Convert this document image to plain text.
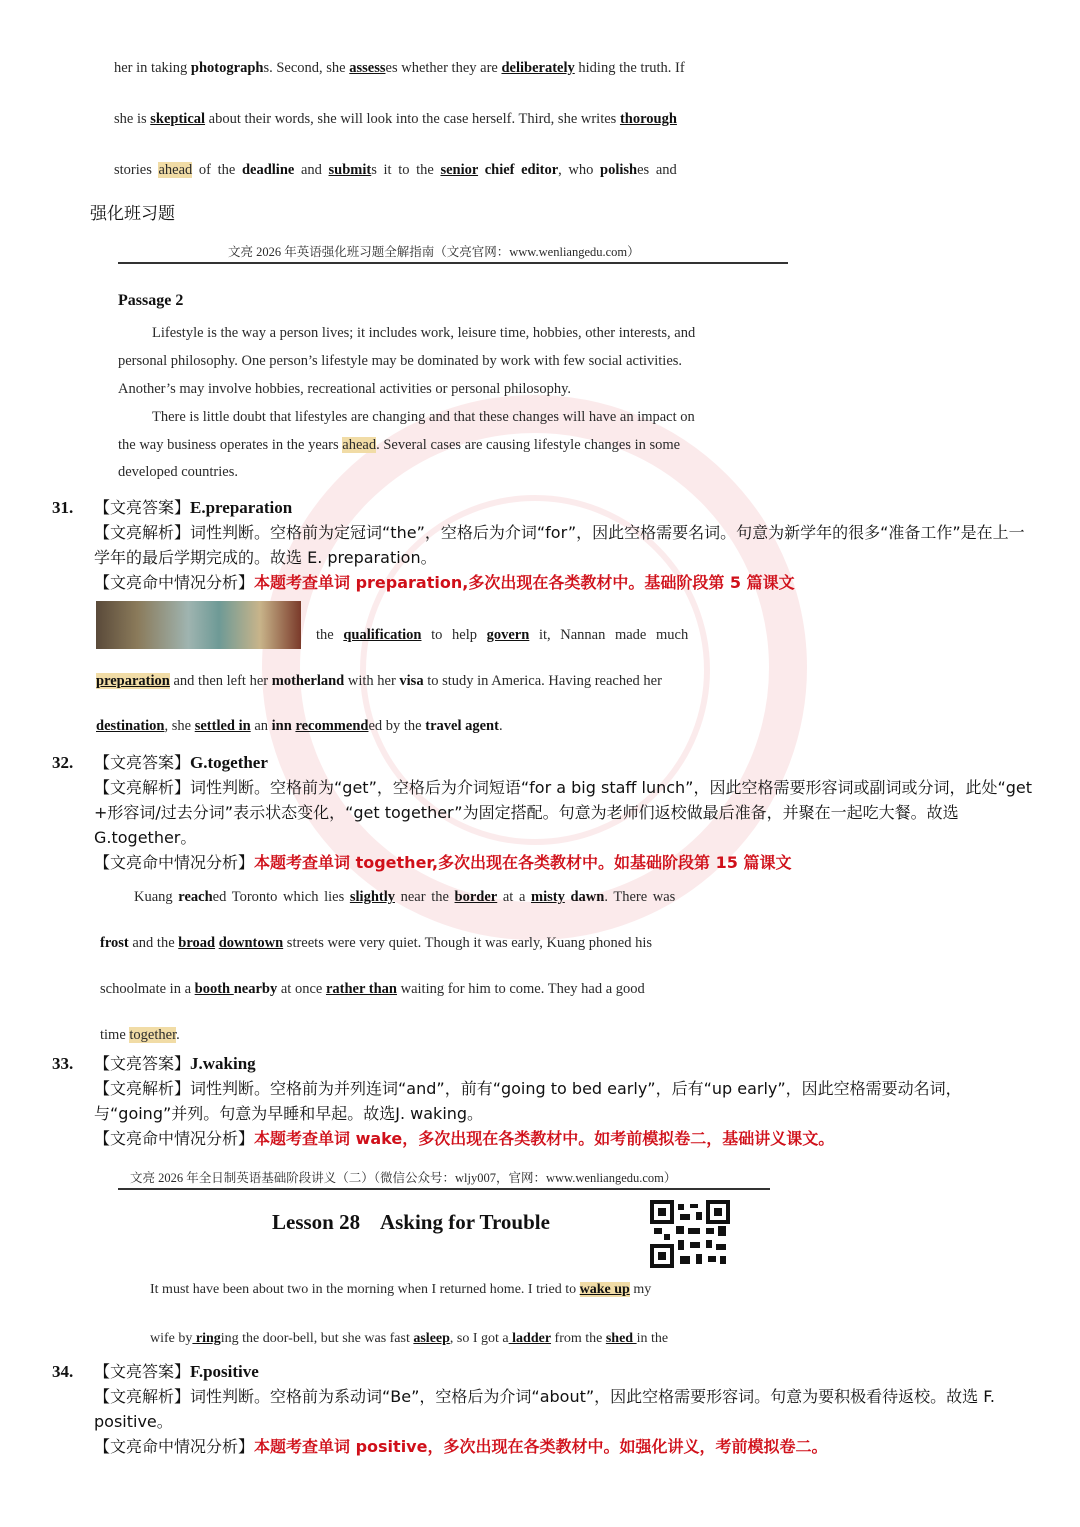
her in taking photographs. Second, she assesses whether they are deliberately hiding the truth. If
she is skeptical about their words, she will look into the case herself. Third, she writes thorough
stories ahead of the deadline and submits it to the senior chief editor, who polishes and
强化班习题
文亮 2026 年英语强化班习题全解指南（文亮官网：www.wenliangedu.com）
Passage 2
Lifestyle is the way a person lives; it includes work, leisure time, hobbies, other interests, and
personal philosophy. One person’s lifestyle may be dominated by work with few social activities.
Another’s may involve hobbies, recreational activities or personal philosophy.
There is little doubt that lifestyles are changing and that these changes will have an impact on
the way business operates in the years ahead. Several cases are causing lifestyle changes in some
developed countries.
31. 【文亮答案】E.preparation
【文亮解析】词性判断。空格前为定冠词“the”，空格后为介词“for”，因此空格需要名词。句意为新学年的很多“准备工作”是在上一学年的最后学期完成的。故选 E. preparation。
【文亮命中情况分析】本题考查单词 preparation,多次出现在各类教材中。基础阶段第 5 篇课文
the qualification to help govern it, Nannan made much
preparation and then left her motherland with her visa to study in America. Having reached her
destination, she settled in an inn recommended by the travel agent.
32. 【文亮答案】G.together
【文亮解析】词性判断。空格前为“get”，空格后为介词短语“for a big staff lunch”，因此空格需要形容词或副词或分词，此处“get +形容词/过去分词”表示状态变化，“get together”为固定搭配。句意为老师们返校做最后准备，并聚在一起吃大餐。故选 G.together。
【文亮命中情况分析】本题考查单词 together,多次出现在各类教材中。如基础阶段第 15 篇课文
Kuang reached Toronto which lies slightly near the border at a misty dawn. There was
frost and the broad downtown streets were very quiet. Though it was early, Kuang phoned his
schoolmate in a booth nearby at once rather than waiting for him to come. They had a good
time together.
33. 【文亮答案】J.waking
【文亮解析】词性判断。空格前为并列连词“and”，前有“going to bed early”，后有“up early”，因此空格需要动名词，与“going”并列。句意为早睡和早起。故选J. waking。
【文亮命中情况分析】本题考查单词 wake，多次出现在各类教材中。如考前模拟卷二，基础讲义课文。
文亮 2026 年全日制英语基础阶段讲义（二）（微信公众号：wljy007，官网：www.wenliangedu.com）
Lesson 28    Asking for Trouble
It must have been about two in the morning when I returned home. I tried to wake up my
wife by ringing the door-bell, but she was fast asleep, so I got a ladder from the shed in the
34. 【文亮答案】F.positive
【文亮解析】词性判断。空格前为系动词“Be”，空格后为介词“about”，因此空格需要形容词。句意为要积极看待返校。故选 F. positive。
【文亮命中情况分析】本题考查单词 positive，多次出现在各类教材中。如强化讲义，考前模拟卷二。
